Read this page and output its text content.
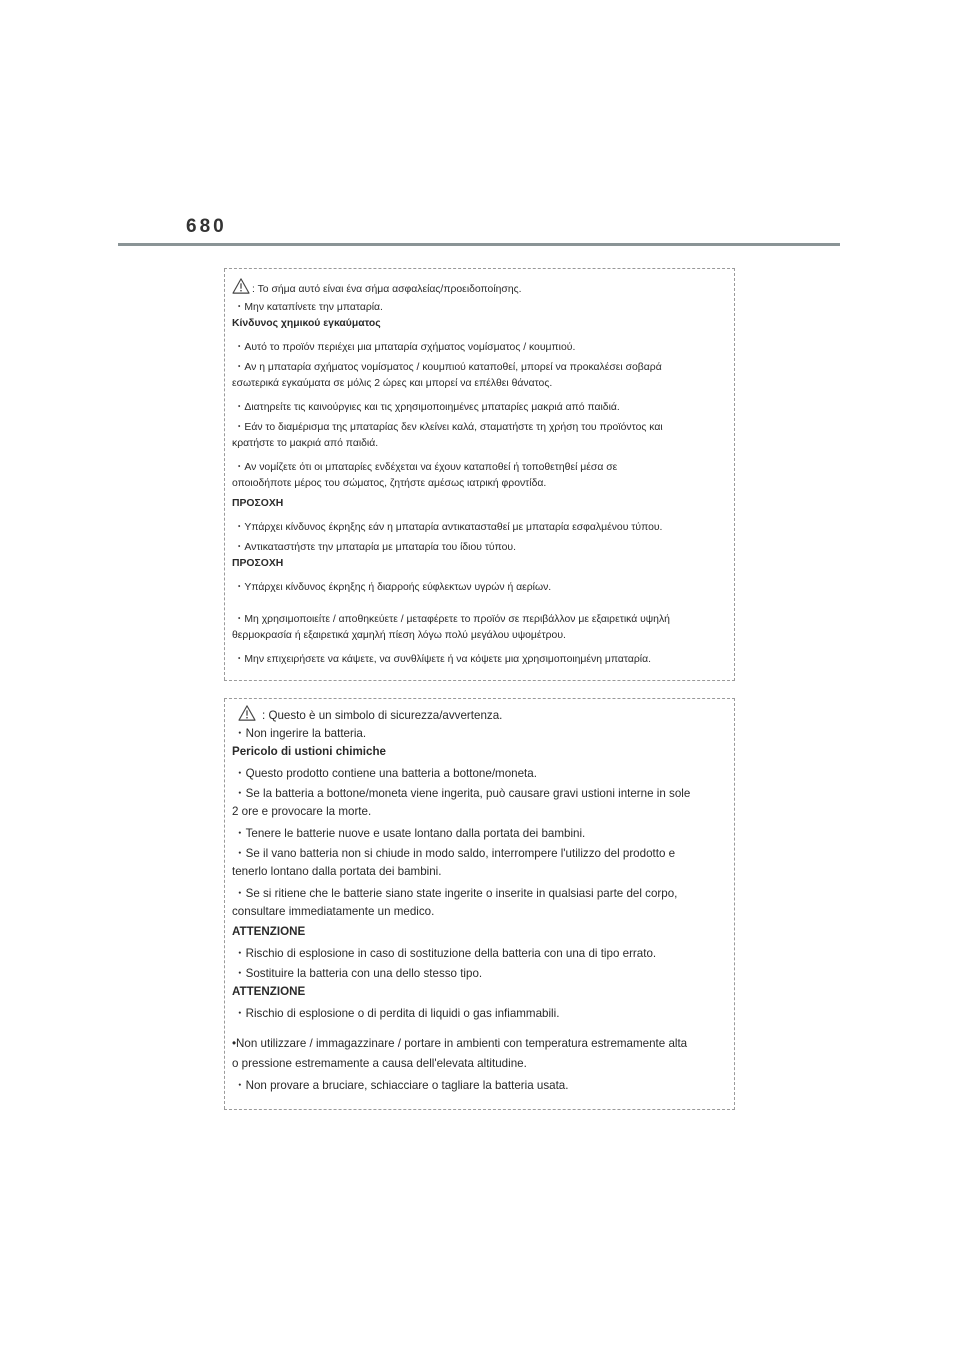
680
: Το σήμα αυτό είναι ένα σήμα ασφαλείας/προειδοποίησης.
・Μην καταπίνετε την μπαταρία.
Κίνδυνος χημικού εγκαύματος
・Αυτό το προϊόν περιέχει μια μπαταρία σχήματος νομίσματος / κουμπιού.
・Αν η μπαταρία σχήματος νομίσματος / κουμπιού καταποθεί, μπορεί να προκαλέσει σοβαρά
εσωτερικά εγκαύματα σε μόλις 2 ώρες και μπορεί να επέλθει θάνατος.
・Διατηρείτε τις καινούργιες και τις χρησιμοποιημένες μπαταρίες μακριά από παιδιά.
・Εάν το διαμέρισμα της μπαταρίας δεν κλείνει καλά, σταματήστε τη χρήση του προϊόντος και
κρατήστε το μακριά από παιδιά.
・Αν νομίζετε ότι οι μπαταρίες ενδέχεται να έχουν καταποθεί ή τοποθετηθεί μέσα σε
οποιοδήποτε μέρος του σώματος, ζητήστε αμέσως ιατρική φροντίδα.
ΠΡΟΣΟΧΗ
・Υπάρχει κίνδυνος έκρηξης εάν η μπαταρία αντικατασταθεί με μπαταρία εσφαλμένου τύπου.
・Αντικαταστήστε την μπαταρία με μπαταρία του ίδιου τύπου.
ΠΡΟΣΟΧΗ
・Υπάρχει κίνδυνος έκρηξης ή διαρροής εύφλεκτων υγρών ή αερίων.
・Μη χρησιμοποιείτε / αποθηκεύετε / μεταφέρετε το προϊόν σε περιβάλλον με εξαιρετικά υψηλή
θερμοκρασία ή εξαιρετικά χαμηλή πίεση λόγω πολύ μεγάλου υψομέτρου.
・Μην επιχειρήσετε να κάψετε, να συνθλίψετε ή να κόψετε μια χρησιμοποιημένη μπαταρία.
: Questo è un simbolo di sicurezza/avvertenza.
・Non ingerire la batteria.
Pericolo di ustioni chimiche
・Questo prodotto contiene una batteria a bottone/moneta.
・Se la batteria a bottone/moneta viene ingerita, può causare gravi ustioni interne in sole
2 ore e provocare la morte.
・Tenere le batterie nuove e usate lontano dalla portata dei bambini.
・Se il vano batteria non si chiude in modo saldo, interrompere l'utilizzo del prodotto e
tenerlo lontano dalla portata dei bambini.
・Se si ritiene che le batterie siano state ingerite o inserite in qualsiasi parte del corpo,
consultare immediatamente un medico.
ATTENZIONE
・Rischio di esplosione in caso di sostituzione della batteria con una di tipo errato.
・Sostituire la batteria con una dello stesso tipo.
ATTENZIONE
・Rischio di esplosione o di perdita di liquidi o gas infiammabili.
•Non utilizzare / immagazzinare / portare in ambienti con temperatura estremamente alta
o pressione estremamente a causa dell'elevata altitudine.
・Non provare a bruciare, schiacciare o tagliare la batteria usata.
